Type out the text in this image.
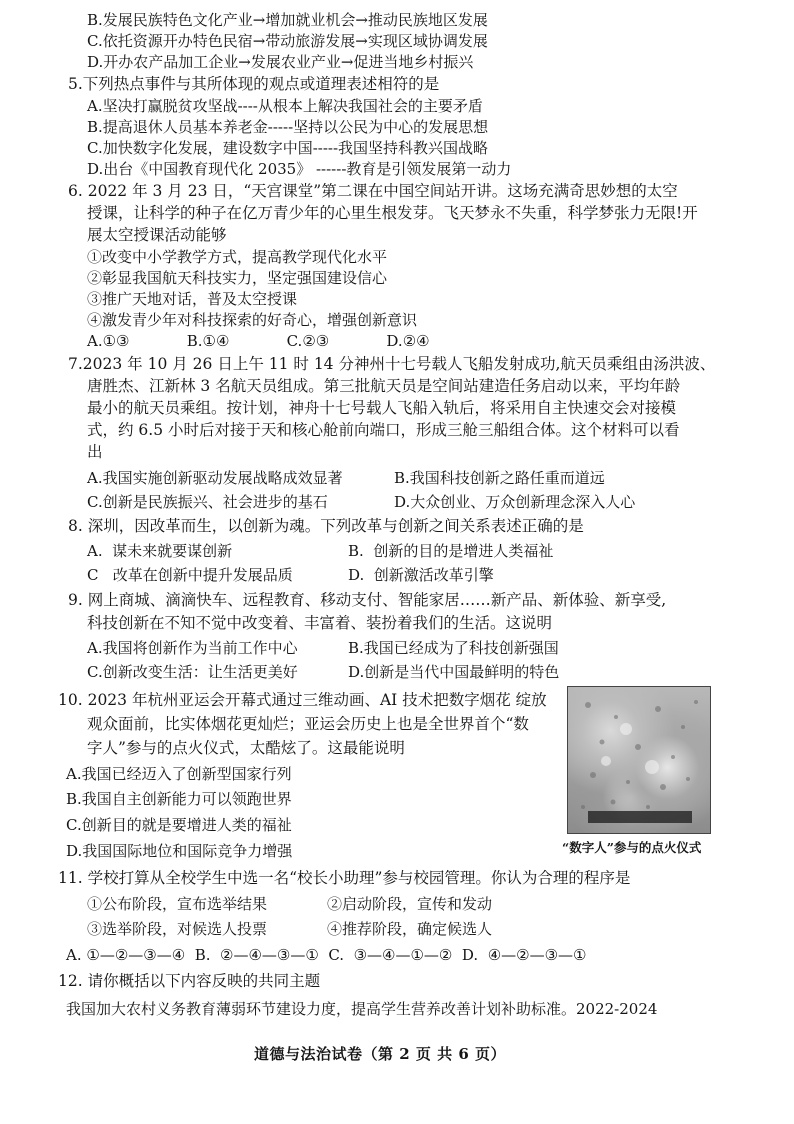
B.发展民族特色文化产业→增加就业机会→推动民族地区发展
C.依托资源开办特色民宿→带动旅游发展→实现区域协调发展
D.开办农产品加工企业→发展农业产业→促进当地乡村振兴
5.下列热点事件与其所体现的观点或道理表述相符的是
A.坚决打赢脱贫攻坚战----从根本上解决我国社会的主要矛盾
B.提高退休人员基本养老金-----坚持以公民为中心的发展思想
C.加快数字化发展，建设数字中国-----我国坚持科教兴国战略
D.出台《中国教育现代化 2035》 ------教育是引领发展第一动力
6. 2022 年 3 月 23 日，“天宫课堂”第二课在中国空间站开讲。这场充满奇思妙想的太空
授课，让科学的种子在亿万青少年的心里生根发芽。飞天梦永不失重，科学梦张力无限!开
展太空授课活动能够
①改变中小学教学方式，提高教学现代化水平
②彰显我国航天科技实力，坚定强国建设信心
③推广天地对话，普及太空授课
④激发青少年对科技探索的好奇心，增强创新意识
A.①③            B.①④            C.②③            D.②④
7.2023 年 10 月 26 日上午 11 时 14 分神州十七号载人飞船发射成功,航天员乘组由汤洪波、
唐胜杰、江新林 3 名航天员组成。第三批航天员是空间站建造任务启动以来，平均年龄
最小的航天员乘组。按计划，神舟十七号载人飞船入轨后，将采用自主快速交会对接模
式，约 6.5 小时后对接于天和核心舱前向端口，形成三舱三船组合体。这个材料可以看
出
A.我国实施创新驱动发展战略成效显著	B.我国科技创新之路任重而道远
C.创新是民族振兴、社会进步的基石	D.大众创业、万众创新理念深入人心
8. 深圳，因改革而生，以创新为魂。下列改革与创新之间关系表述正确的是
A.  谋未来就要谋创新	B.  创新的目的是增进人类福祉
C   改革在创新中提升发展品质	D.  创新激活改革引擎
9. 网上商城、滴滴快车、远程教育、移动支付、智能家居……新产品、新体验、新享受,
科技创新在不知不觉中改变着、丰富着、装扮着我们的生活。这说明
A.我国将创新作为当前工作中心	B.我国已经成为了科技创新强国
C.创新改变生活：让生活更美好	D.创新是当代中国最鲜明的特色
10. 2023 年杭州亚运会开幕式通过三维动画、AI 技术把数字烟花 绽放
观众面前，比实体烟花更灿烂；亚运会历史上也是全世界首个“数
字人”参与的点火仪式，太酷炫了。这最能说明
A.我国已经迈入了创新型国家行列
B.我国自主创新能力可以领跑世界
C.创新目的就是要增进人类的福祉
D.我国国际地位和国际竞争力增强	“数字人”参与的点火仪式
11. 学校打算从全校学生中选一名“校长小助理”参与校园管理。你认为合理的程序是
①公布阶段，宣布选举结果	②启动阶段，宣传和发动
③选举阶段，对候选人投票	④推荐阶段，确定候选人
A. ①—②—③—④  B.  ②—④—③—①  C.  ③—④—①—②  D.  ④—②—③—①
12. 请你概括以下内容反映的共同主题
我国加大农村义务教育薄弱环节建设力度，提高学生营养改善计划补助标准。2022-2024
道德与法治试卷（第 2 页 共 6 页）
